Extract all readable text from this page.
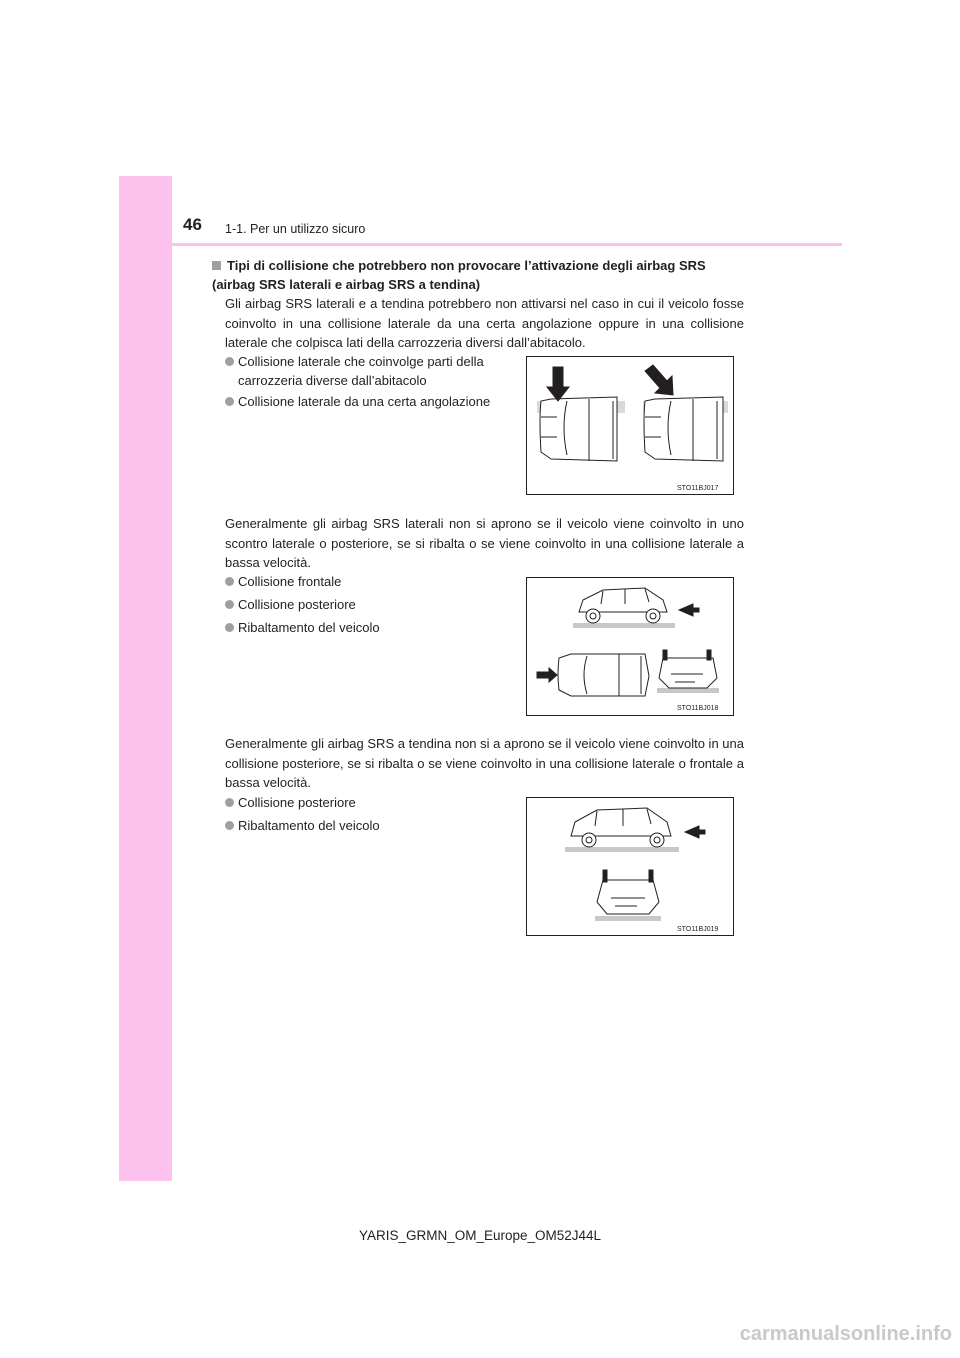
46 1-1. Per un utilizzo sicuro
Tipi di collisione che potrebbero non provocare l’attivazione degli airbag SRS (airbag SRS laterali e airbag SRS a tendina)
Gli airbag SRS laterali e a tendina potrebbero non attivarsi nel caso in cui il veicolo fosse coinvolto in una collisione laterale da una certa angolazione oppure in una collisione laterale che colpisca lati della carrozzeria diversi dall’abitacolo.
Collisione laterale che coinvolge parti della carrozzeria diverse dall’abitacolo
Collisione laterale da una certa angolazione
STO11BJ017
Generalmente gli airbag SRS laterali non si aprono se il veicolo viene coinvolto in uno scontro laterale o posteriore, se si ribalta o se viene coinvolto in una collisione laterale a bassa velocità.
Collisione frontale
Collisione posteriore
Ribaltamento del veicolo
STO11BJ018
Generalmente gli airbag SRS a tendina non si a aprono se il veicolo viene coinvolto in una collisione posteriore, se si ribalta o se viene coinvolto in una collisione laterale o frontale a bassa velocità.
Collisione posteriore
Ribaltamento del veicolo
STO11BJ019
YARIS_GRMN_OM_Europe_OM52J44L
carmanualsonline.info
